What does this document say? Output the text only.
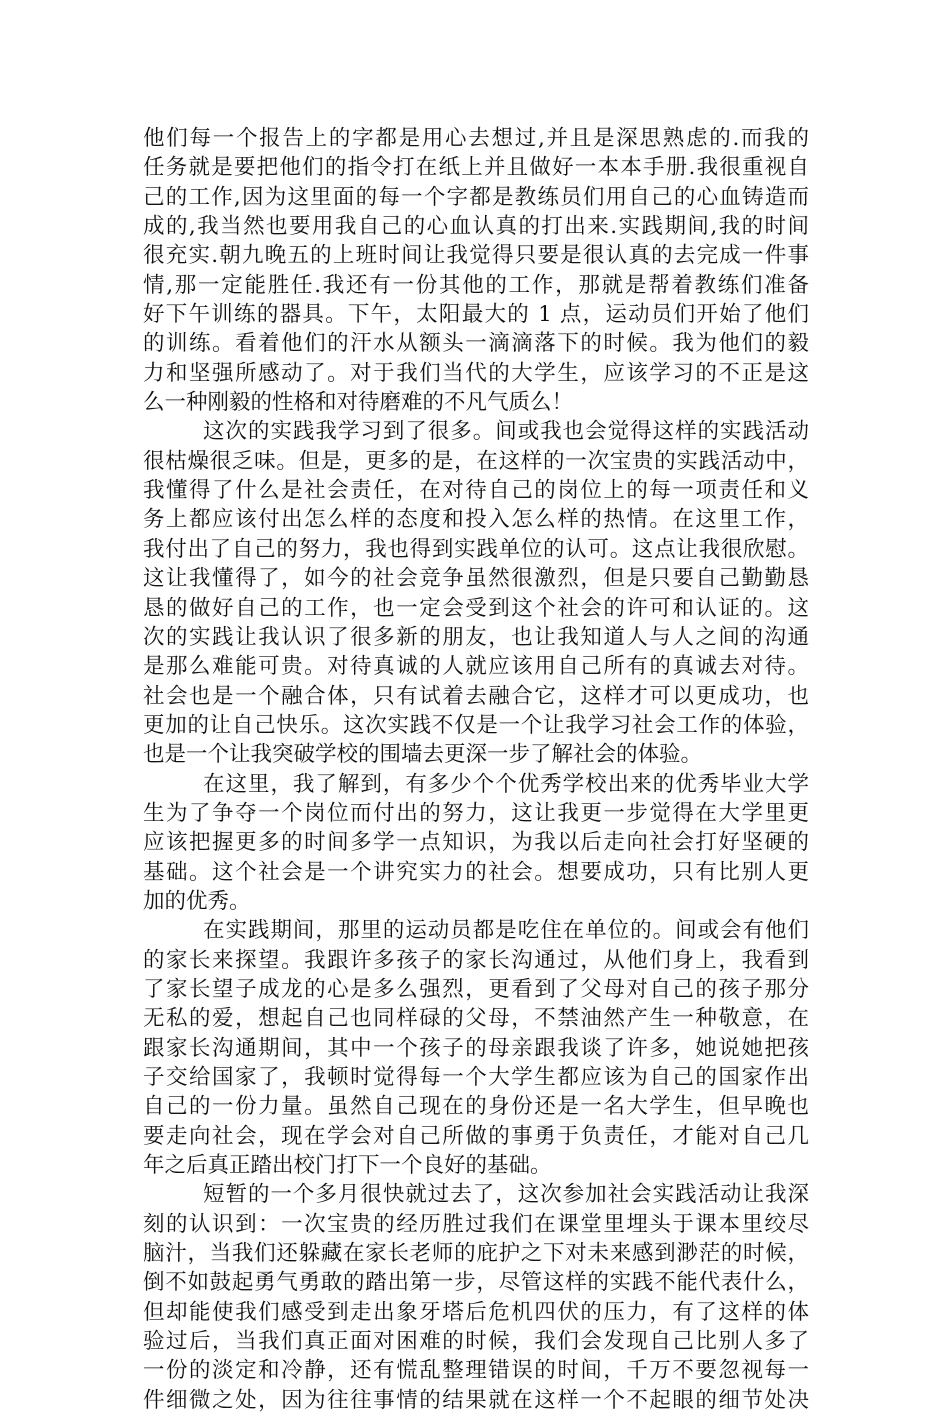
他们每一个报告上的字都是用心去想过,并且是深思熟虑的.而我的
任务就是要把他们的指令打在纸上并且做好一本本手册.我很重视自
己的工作,因为这里面的每一个字都是教练员们用自己的心血铸造而
成的,我当然也要用我自己的心血认真的打出来.实践期间,我的时间
很充实.朝九晚五的上班时间让我觉得只要是很认真的去完成一件事
情,那一定能胜任.我还有一份其他的工作，那就是帮着教练们准备
好下午训练的器具。下午，太阳最大的 1 点，运动员们开始了他们
的训练。看着他们的汗水从额头一滴滴落下的时候。我为他们的毅
力和坚强所感动了。对于我们当代的大学生，应该学习的不正是这
么一种刚毅的性格和对待磨难的不凡气质么！
这次的实践我学习到了很多。间或我也会觉得这样的实践活动
很枯燥很乏味。但是，更多的是，在这样的一次宝贵的实践活动中，
我懂得了什么是社会责任，在对待自己的岗位上的每一项责任和义
务上都应该付出怎么样的态度和投入怎么样的热情。在这里工作，
我付出了自己的努力，我也得到实践单位的认可。这点让我很欣慰。
这让我懂得了，如今的社会竞争虽然很激烈，但是只要自己勤勤恳
恳的做好自己的工作，也一定会受到这个社会的许可和认证的。这
次的实践让我认识了很多新的朋友，也让我知道人与人之间的沟通
是那么难能可贵。对待真诚的人就应该用自己所有的真诚去对待。
社会也是一个融合体，只有试着去融合它，这样才可以更成功，也
更加的让自己快乐。这次实践不仅是一个让我学习社会工作的体验，
也是一个让我突破学校的围墙去更深一步了解社会的体验。
在这里，我了解到，有多少个个优秀学校出来的优秀毕业大学
生为了争夺一个岗位而付出的努力，这让我更一步觉得在大学里更
应该把握更多的时间多学一点知识，为我以后走向社会打好坚硬的
基础。这个社会是一个讲究实力的社会。想要成功，只有比别人更
加的优秀。
在实践期间，那里的运动员都是吃住在单位的。间或会有他们
的家长来探望。我跟许多孩子的家长沟通过，从他们身上，我看到
了家长望子成龙的心是多么强烈，更看到了父母对自己的孩子那分
无私的爱，想起自己也同样碌的父母，不禁油然产生一种敬意，在
跟家长沟通期间，其中一个孩子的母亲跟我谈了许多，她说她把孩
子交给国家了，我顿时觉得每一个大学生都应该为自己的国家作出
自己的一份力量。虽然自己现在的身份还是一名大学生，但早晚也
要走向社会，现在学会对自己所做的事勇于负责任，才能对自己几
年之后真正踏出校门打下一个良好的基础。
短暂的一个多月很快就过去了，这次参加社会实践活动让我深
刻的认识到：一次宝贵的经历胜过我们在课堂里埋头于课本里绞尽
脑汁，当我们还躲藏在家长老师的庇护之下对未来感到渺茫的时候，
倒不如鼓起勇气勇敢的踏出第一步，尽管这样的实践不能代表什么，
但却能使我们感受到走出象牙塔后危机四伏的压力，有了这样的体
验过后，当我们真正面对困难的时候，我们会发现自己比别人多了
一份的淡定和冷静，还有慌乱整理错误的时间，千万不要忽视每一
件细微之处，因为往往事情的结果就在这样一个不起眼的细节处决
